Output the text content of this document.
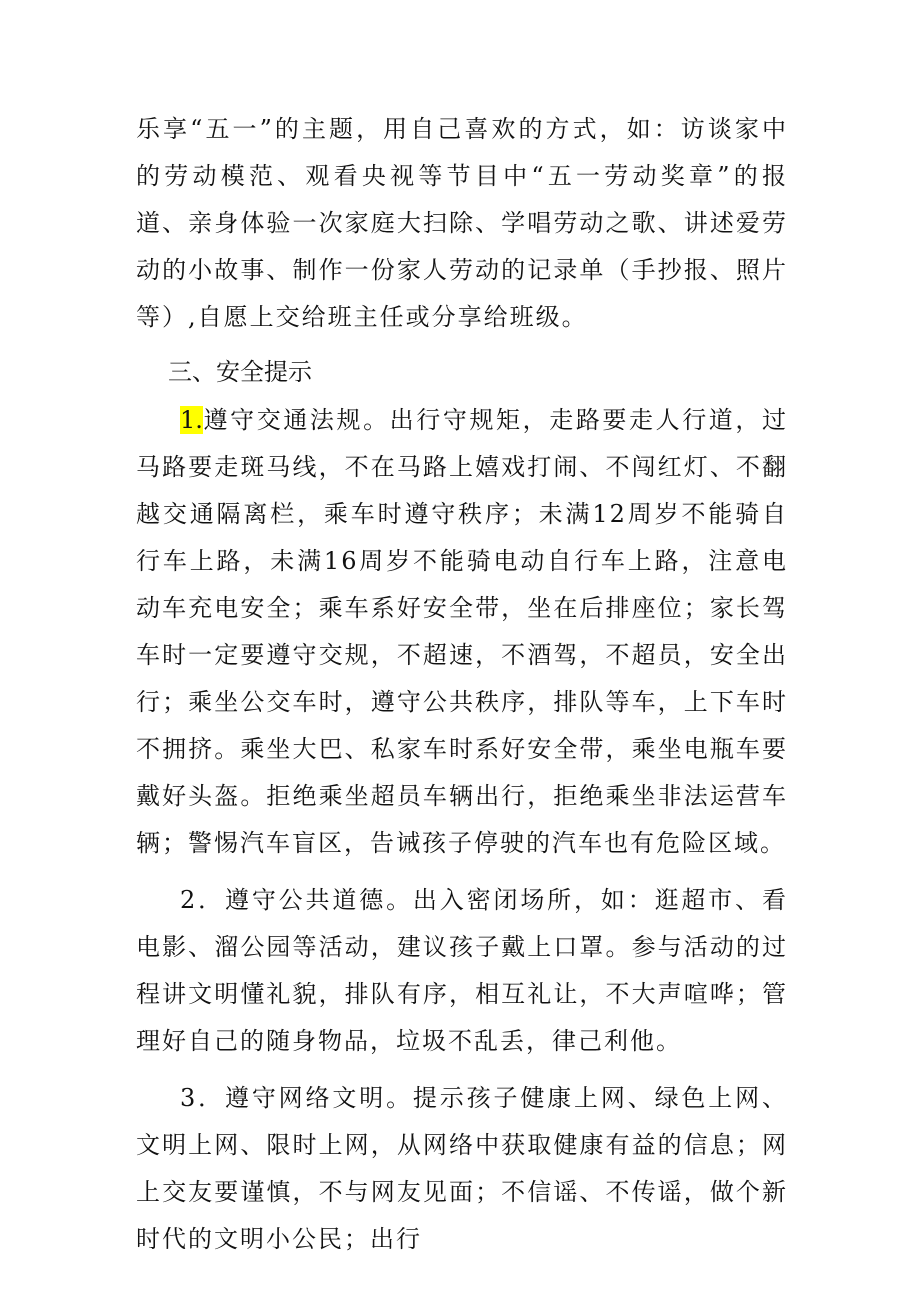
乐享“五一”的主题，用自己喜欢的方式，如：访谈家中的劳动模范、观看央视等节目中“五一劳动奖章”的报道、亲身体验一次家庭大扫除、学唱劳动之歌、讲述爱劳动的小故事、制作一份家人劳动的记录单（手抄报、照片等）,自愿上交给班主任或分享给班级。

三、安全提示

1.遵守交通法规。出行守规矩，走路要走人行道，过马路要走斑马线，不在马路上嬉戏打闹、不闯红灯、不翻越交通隔离栏，乘车时遵守秩序；未满12周岁不能骑自行车上路，未满16周岁不能骑电动自行车上路，注意电动车充电安全；乘车系好安全带，坐在后排座位；家长驾车时一定要遵守交规，不超速，不酒驾，不超员，安全出行；乘坐公交车时，遵守公共秩序，排队等车，上下车时不拥挤。乘坐大巴、私家车时系好安全带，乘坐电瓶车要戴好头盔。拒绝乘坐超员车辆出行，拒绝乘坐非法运营车辆；警惕汽车盲区，告诫孩子停驶的汽车也有危险区域。

2．遵守公共道德。出入密闭场所，如：逛超市、看电影、溜公园等活动，建议孩子戴上口罩。参与活动的过程讲文明懂礼貌，排队有序，相互礼让，不大声喧哗；管理好自己的随身物品，垃圾不乱丢，律己利他。

3．遵守网络文明。提示孩子健康上网、绿色上网、文明上网、限时上网，从网络中获取健康有益的信息；网上交友要谨慎，不与网友见面；不信谣、不传谣，做个新时代的文明小公民；出行
